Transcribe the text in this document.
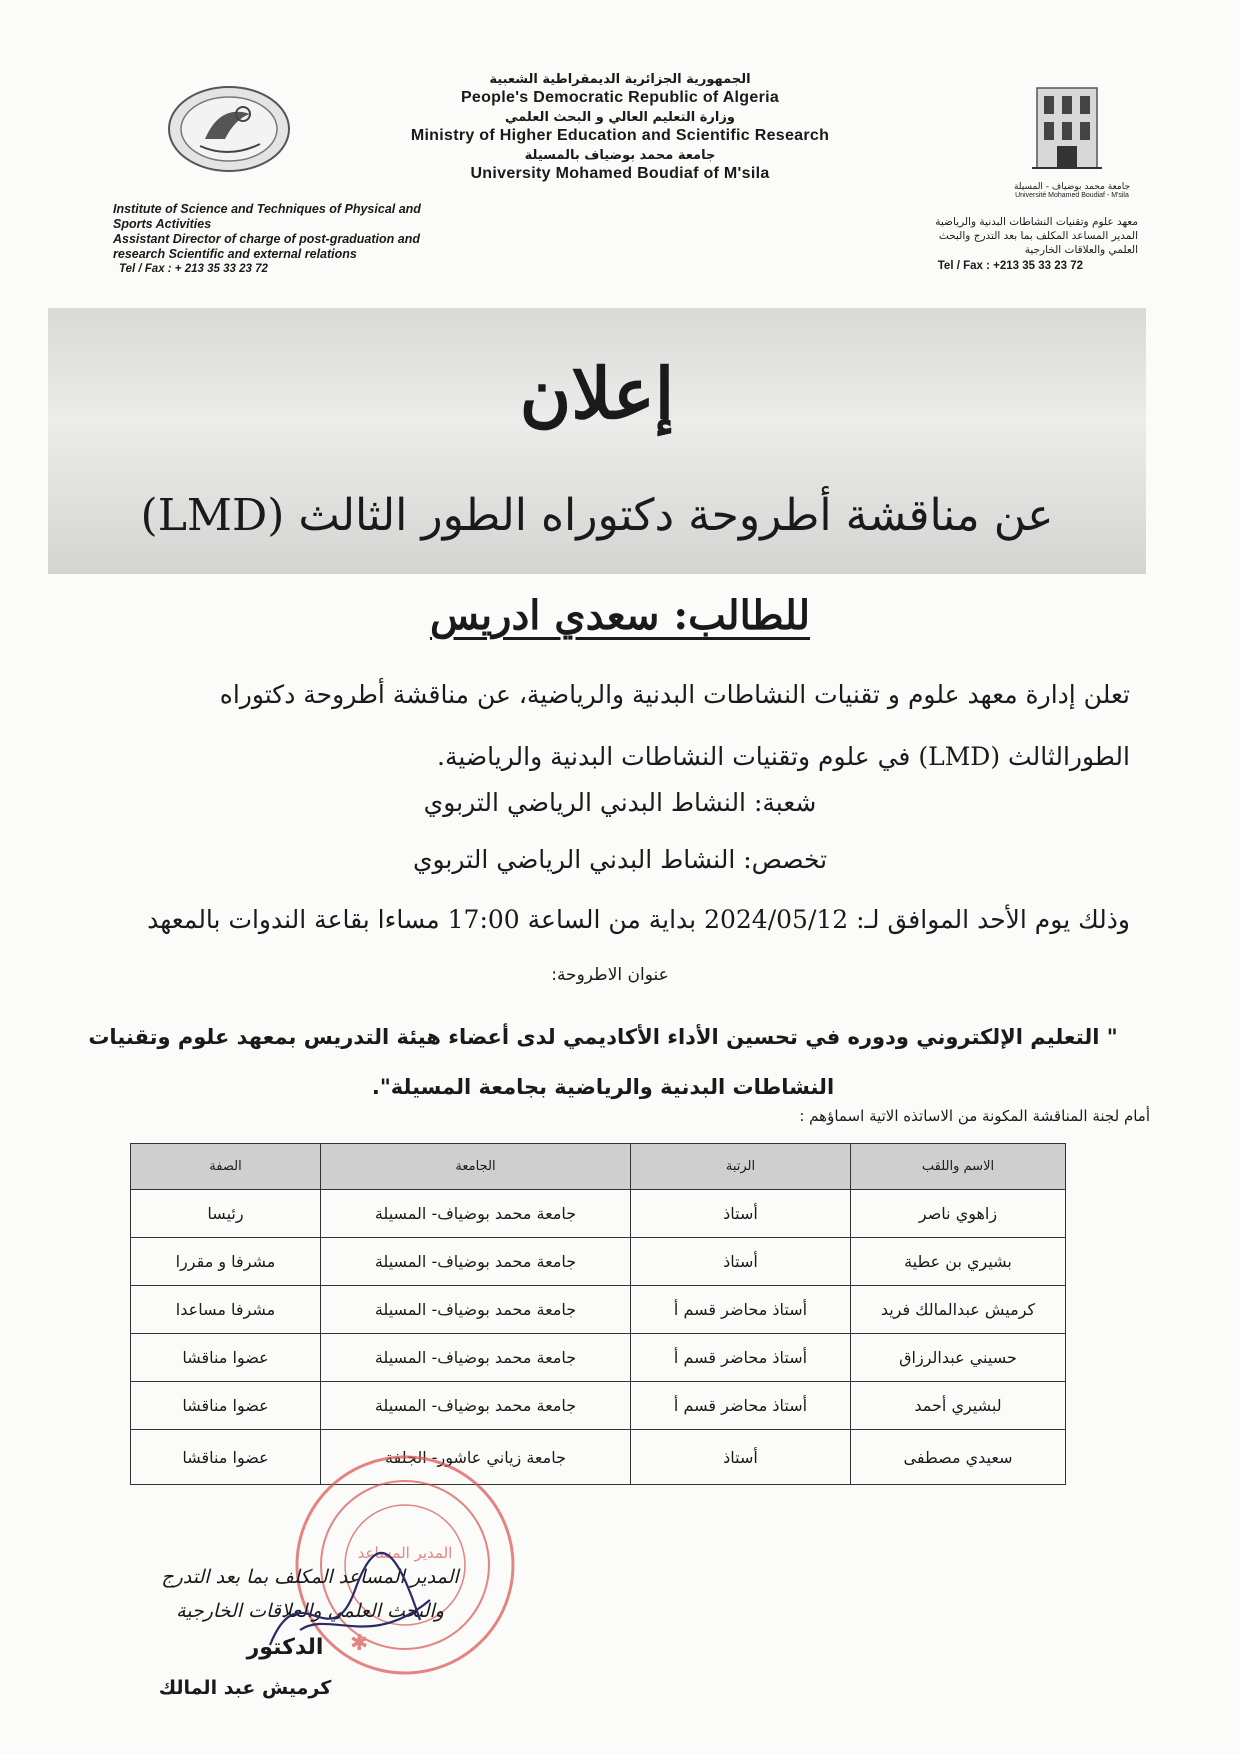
الجمهورية الجزائرية الديمقراطية الشعبية

People's Democratic Republic of Algeria

وزارة التعليم العالي و البحث العلمي

Ministry of Higher Education and Scientific Research

جامعة محمد بوضياف بالمسيلة

University Mohamed Boudiaf of M'sila

جامعة محمد بوضياف - المسيلة
Université Mohamed Boudiaf - M'sila
Institute of Science and Techniques of Physical and
Sports Activities
Assistant Director of charge of post-graduation and
research Scientific and external relations
Tel / Fax : + 213 35 33 23 72
معهد علوم وتقنيات النشاطات البدنية والرياضية
المدير المساعد المكلف بما بعد التدرج والبحث
العلمي والعلاقات الخارجية
Tel / Fax : +213 35 33 23 72
إعلان
عن مناقشة أطروحة دكتوراه الطور الثالث (LMD)
للطالب: سعدي ادريس
تعلن إدارة معهد علوم و تقنيات النشاطات البدنية والرياضية، عن مناقشة أطروحة دكتوراه الطورالثالث (LMD) في علوم وتقنيات النشاطات البدنية والرياضية.
شعبة: النشاط البدني الرياضي التربوي
تخصص: النشاط البدني الرياضي التربوي
وذلك يوم الأحد الموافق لـ: 2024/05/12 بداية من الساعة 17:00 مساءا بقاعة الندوات بالمعهد
عنوان الاطروحة:
" التعليم الإلكتروني ودوره في تحسين الأداء الأكاديمي لدى أعضاء هيئة التدريس بمعهد علوم وتقنيات النشاطات البدنية والرياضية بجامعة المسيلة".
أمام لجنة المناقشة المكونة من الاساتذه الاتية اسماؤهم :
الاسم واللقب	الرتبة	الجامعة	الصفة
زاهوي ناصر	أستاذ	جامعة محمد بوضياف- المسيلة	رئيسا
بشيري بن عطية	أستاذ	جامعة محمد بوضياف- المسيلة	مشرفا و مقررا
كرميش عبدالمالك فريد	أستاذ محاضر قسم أ	جامعة محمد بوضياف- المسيلة	مشرفا مساعدا
حسيني عبدالرزاق	أستاذ محاضر قسم أ	جامعة محمد بوضياف- المسيلة	عضوا مناقشا
لبشيري أحمد	أستاذ محاضر قسم أ	جامعة محمد بوضياف- المسيلة	عضوا مناقشا
سعيدي مصطفى	أستاذ	جامعة زياني عاشور- الجلفة	عضوا مناقشا
المدير المساعد
✱
المدير المساعد المكلف بما بعد التدرج
والبحث العلمي والعلاقات الخارجية
الدكتور
كرميش عبد المالك
